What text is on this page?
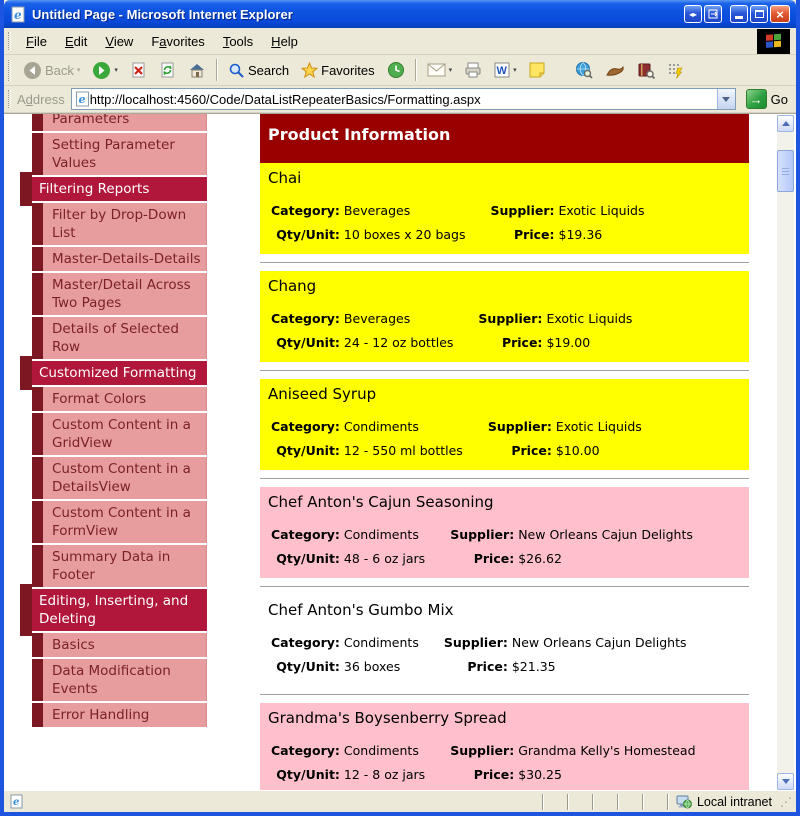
e Untitled Page - Microsoft Internet Explorer	◂▸	×
File	Edit	View	Favorites	Tools	Help
Back ▾	▾	Search Favorites	▾	W ▾
Address e
http://localhost:4560/Code/DataListRepeaterBasics/Formatting.aspx	→ Go
Parameters
Setting Parameter Values
Filtering Reports
Filter by Drop-Down List
Master-Details-Details
Master/Detail Across Two Pages
Details of Selected Row
Customized Formatting
Format Colors
Custom Content in a GridView
Custom Content in a DetailsView
Custom Content in a FormView
Summary Data in Footer
Editing, Inserting, and Deleting
Basics
Data Modification Events
Error Handling
Product Information
Chai
Category:	Beverages	Supplier:	Exotic Liquids
Qty/Unit:	10 boxes x 20 bags	Price:	$19.36
Chang
Category:	Beverages	Supplier:	Exotic Liquids
Qty/Unit:	24 - 12 oz bottles	Price:	$19.00
Aniseed Syrup
Category:	Condiments	Supplier:	Exotic Liquids
Qty/Unit:	12 - 550 ml bottles	Price:	$10.00
Chef Anton's Cajun Seasoning
Category:	Condiments	Supplier:	New Orleans Cajun Delights
Qty/Unit:	48 - 6 oz jars	Price:	$26.62
Chef Anton's Gumbo Mix
Category:	Condiments	Supplier:	New Orleans Cajun Delights
Qty/Unit:	36 boxes	Price:	$21.35
Grandma's Boysenberry Spread
Category:	Condiments	Supplier:	Grandma Kelly's Homestead
Qty/Unit:	12 - 8 oz jars	Price:	$30.25
e	Local intranet ⋰
